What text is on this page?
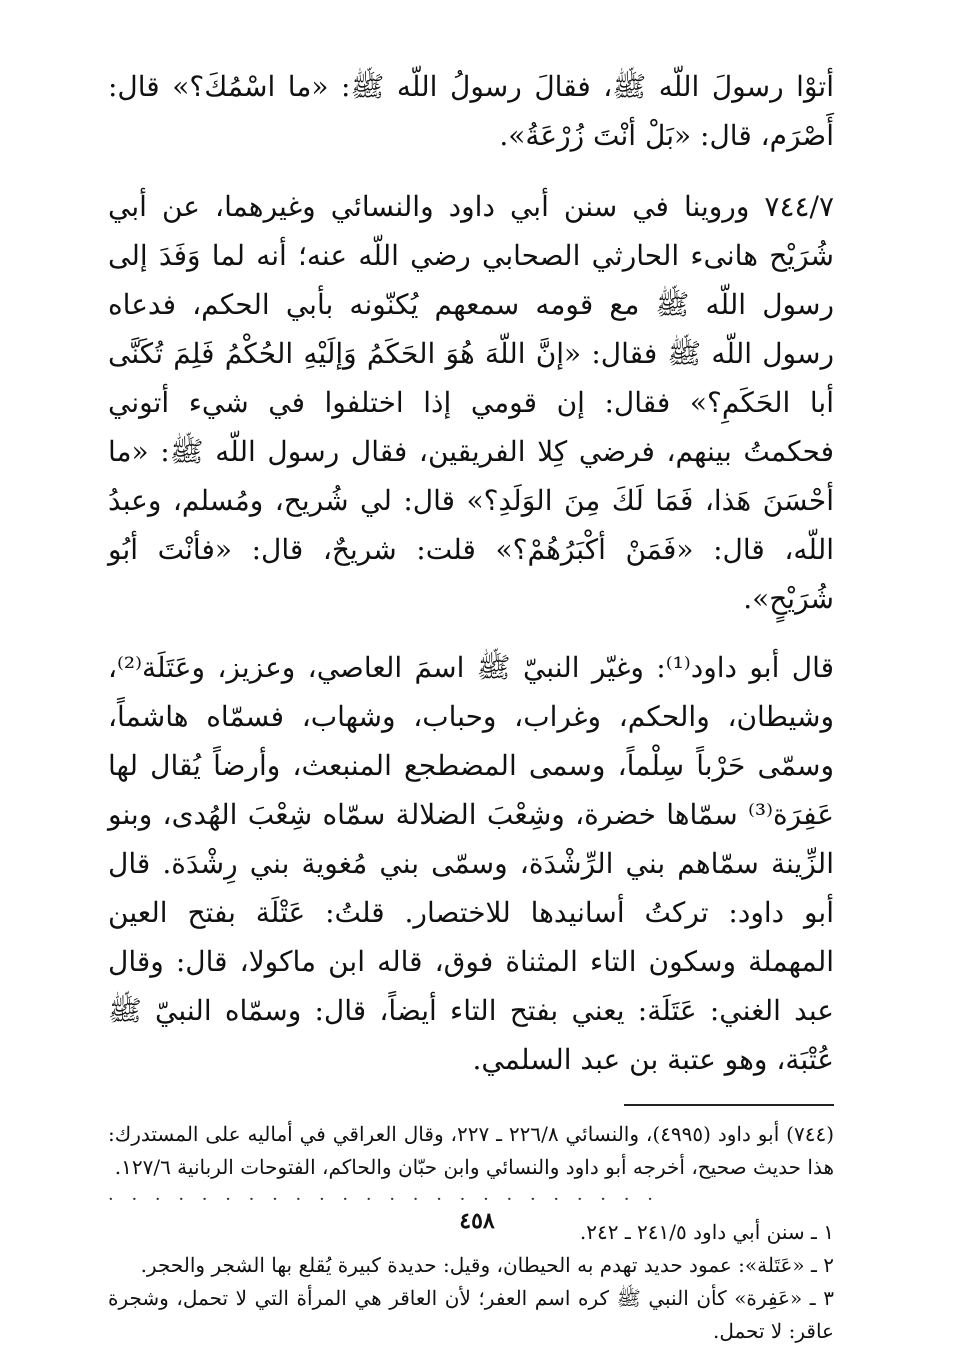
أتوْا رسولَ اللّه ﷺ، فقالَ رسولُ اللّه ﷺ: «ما اسْمُكَ؟» قال: أَصْرَم، قال: «بَلْ أنْتَ زُرْعَةُ».

٧٤٤/٧ وروينا في سنن أبي داود والنسائي وغيرهما، عن أبي شُرَيْح هانىء الحارثي الصحابي رضي اللّه عنه؛ أنه لما وَفَدَ إلى رسول اللّه ﷺ مع قومه سمعهم يُكنّونه بأبي الحكم، فدعاه رسول اللّه ﷺ فقال: «إنَّ اللّهَ هُوَ الحَكَمُ وَإلَيْهِ الحُكْمُ فَلِمَ تُكَنَّى أبا الحَكَمِ؟» فقال: إن قومي إذا اختلفوا في شيء أتوني فحكمتُ بينهم، فرضي كِلا الفريقين، فقال رسول اللّه ﷺ: «ما أحْسَنَ هَذا، فَمَا لَكَ مِنَ الوَلَدِ؟» قال: لي شُريح، ومُسلم، وعبدُ اللّه، قال: «فَمَنْ أكْبَرُهُمْ؟» قلت: شريحٌ، قال: «فأنْتَ أبُو شُرَيْحٍ».

قال أبو داود⁽¹⁾: وغيّر النبيّ ﷺ اسمَ العاصي، وعزيز، وعَتَلَة⁽²⁾، وشيطان، والحكم، وغراب، وحباب، وشهاب، فسمّاه هاشماً، وسمّى حَرْباً سِلْماً، وسمى المضطجع المنبعث، وأرضاً يُقال لها عَفِرَة⁽³⁾ سمّاها خضرة، وشِعْبَ الضلالة سمّاه شِعْبَ الهُدى، وبنو الزِّينة سمّاهم بني الرِّشْدَة، وسمّى بني مُغوية بني رِشْدَة. قال أبو داود: تركتُ أسانيدها للاختصار. قلتُ: عَتْلَة بفتح العين المهملة وسكون التاء المثناة فوق، قاله ابن ماكولا، قال: وقال عبد الغني: عَتَلَة: يعني بفتح التاء أيضاً، قال: وسمّاه النبيّ ﷺ عُتْبَة، وهو عتبة بن عبد السلمي.

(٧٤٤) أبو داود (٤٩٩٥)، والنسائي ٢٢٦/٨ ـ ٢٢٧، وقال العراقي في أماليه على المستدرك: هذا حديث صحيح، أخرجه أبو داود والنسائي وابن حبّان والحاكم، الفتوحات الربانية ١٢٧/٦.

· · · · · · · · · · · · · · · · · · · · · · · ·

١ ـ سنن أبي داود ٢٤١/٥ ـ ٢٤٢.

٢ ـ «عَتَلة»: عمود حديد تهدم به الحيطان، وقيل: حديدة كبيرة يُقلع بها الشجر والحجر.

٣ ـ «عَفِرة» كأن النبي ﷺ كره اسم العفر؛ لأن العاقر هي المرأة التي لا تحمل، وشجرة عاقر: لا تحمل.

٤٥٨
